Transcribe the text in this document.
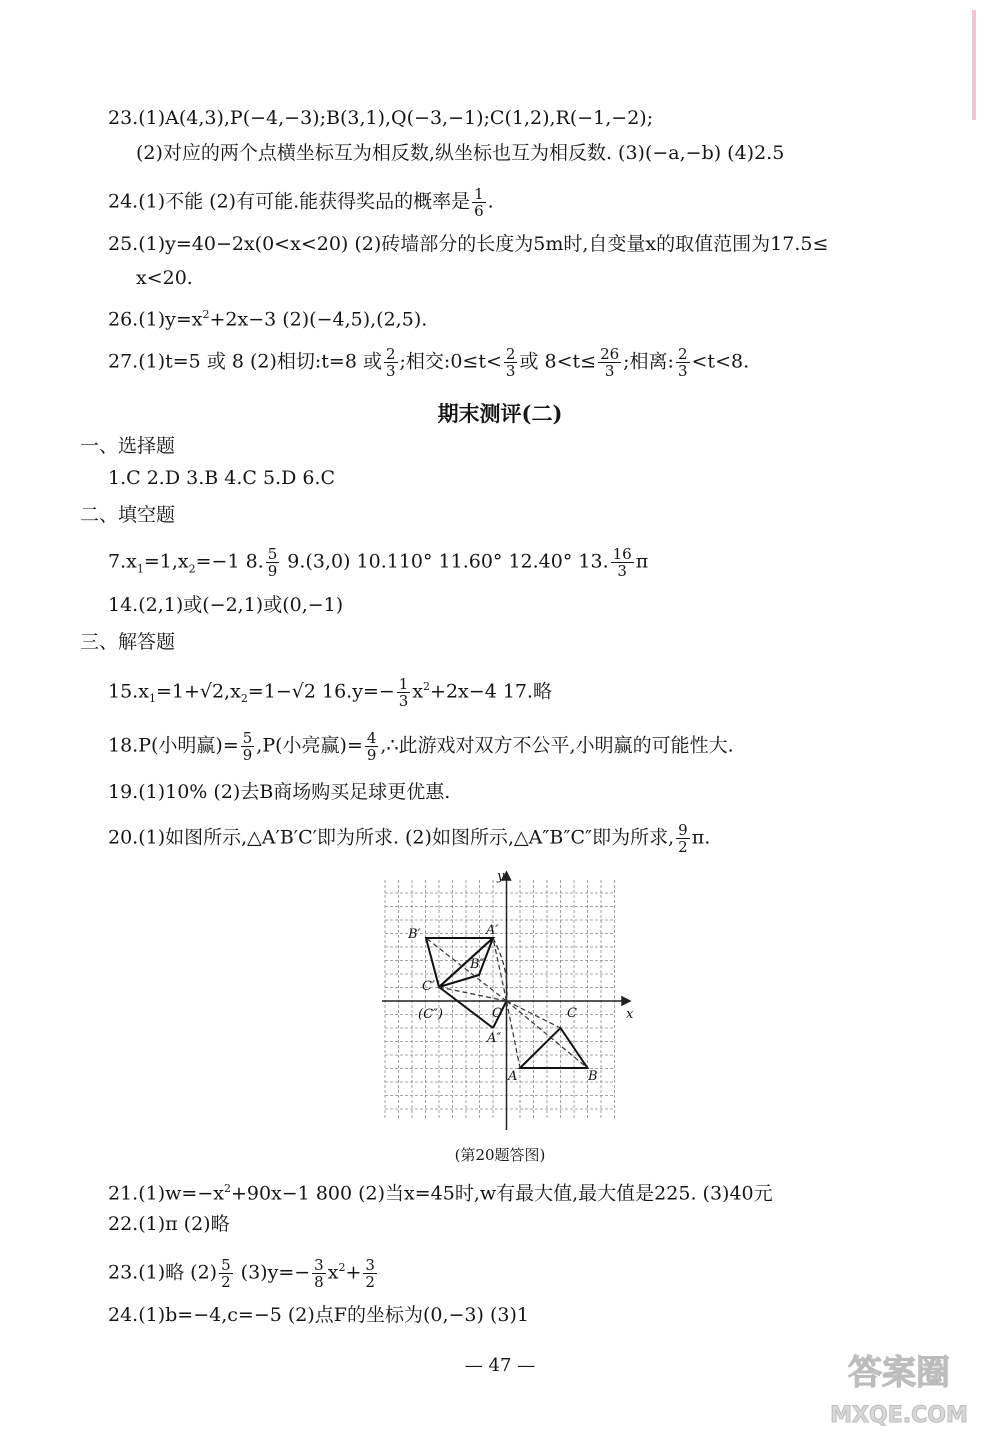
23.(1)A(4,3),P(−4,−3);B(3,1),Q(−3,−1);C(1,2),R(−1,−2);
(2)对应的两个点横坐标互为相反数,纵坐标也互为相反数. (3)(−a,−b) (4)2.5
24.(1)不能 (2)有可能.能获得奖品的概率是 $\frac{1}{6}$ .
25.(1)y=40−2x(0<x<20) (2)砖墙部分的长度为5m时,自变量x的取值范围为17.5≤
x<20.
$26.(1)y=x^2+2x-3$ (2)(−4,5),(2,5).
27.(1)t=5 或 8 (2)相切:t=8 或 $\frac{2}{3}$ ;相交:0≤t< $\frac{2}{3}$ 或 $8<t\le \frac{26}{3}$ ;相离: $\frac{2}{3} <t<8$.
期末测评(二)
一、选择题
1.C 2.D 3.B 4.C 5.D 6.C
二、填空题
$7.x_1=1,x_2=-1$ 8. $\frac{5}{9} 9.(3,0)$ 10.110° 11.60° 12.40° 13. $\frac{16}{3}$ π
14.(2,1)或(−2,1)或(0,−1)
三、解答题
$15.x_1=1+√2,x_2=1-√2$ $16.y=- \frac{1}{3} x^2+2x-4$ 17.略
18.P(小明赢)= $\frac{5}{9} ,P$(小亮赢)= $\frac{4}{9}$ ,∴此游戏对双方不公平,小明赢的可能性大.
19.(1)10% (2)去B商场购买足球更优惠.
20.(1)如图所示,△A′B′C′即为所求. (2)如图所示,△A″B″C″即为所求, $\frac{9}{2} \pi$.
y
x
O
B′	A′
B″
C′
(C″)
A″
A	B
C
(第20题答图)
$21.(1)w=-x^2+90x-1$ 800 (2)当x=45时,w有最大值,最大值是225. (3)40元
22.(1)π (2)略
23.(1)略 $(2) \frac{5}{2} (3)y=- \frac{3}{8} x^2+ \frac{3}{2}$
24.(1)b=−4,c=−5 (2)点F的坐标为(0,−3) (3)1
— 47 —	答案圈
MXQE.COM
